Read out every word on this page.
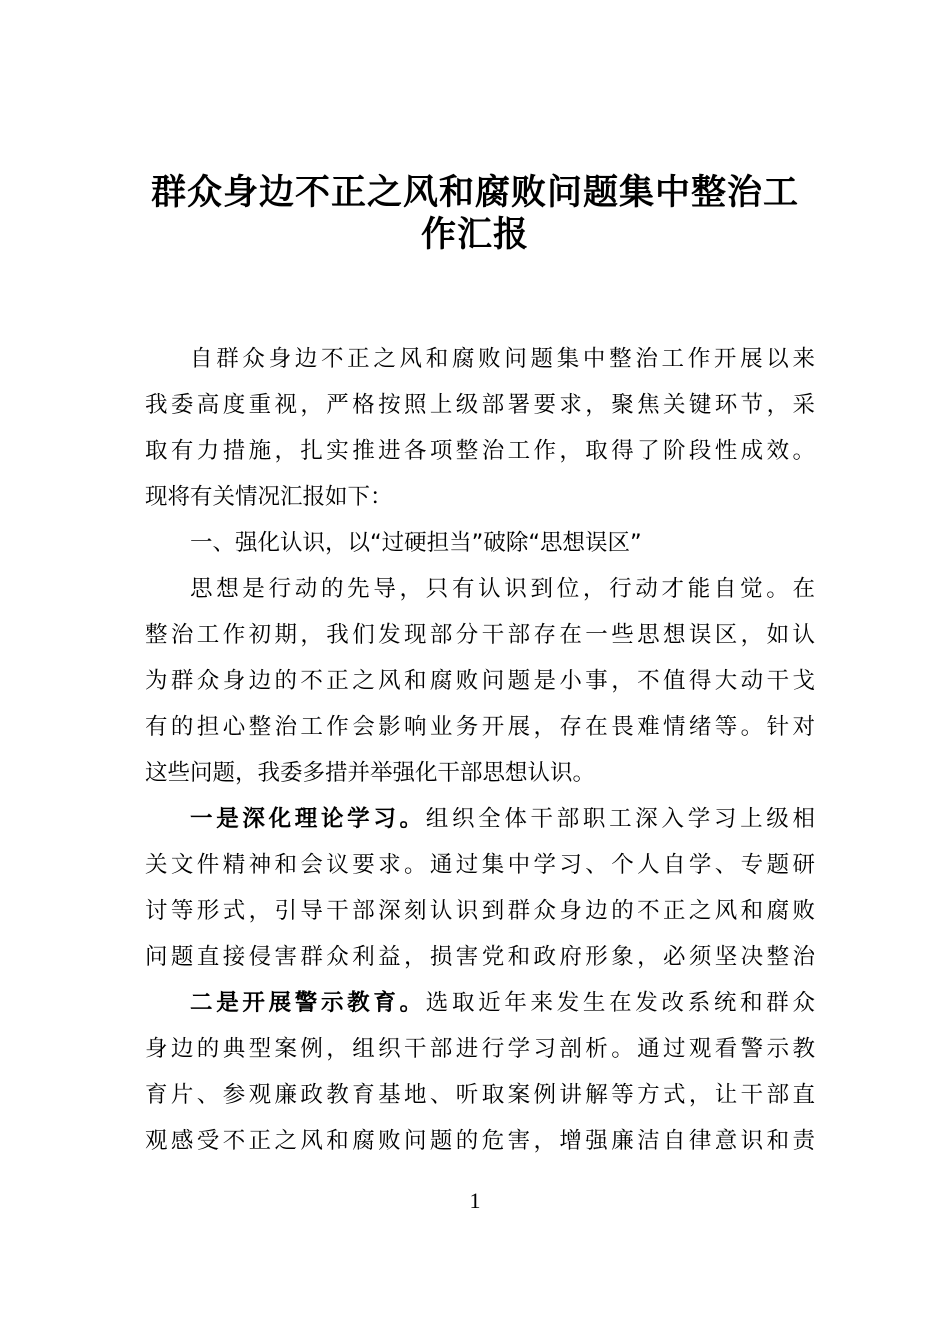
群众身边不正之风和腐败问题集中整治工
作汇报
自群众身边不正之风和腐败问题集中整治工作开展以来
我委高度重视，严格按照上级部署要求，聚焦关键环节，采
取有力措施，扎实推进各项整治工作，取得了阶段性成效。
现将有关情况汇报如下：
一、强化认识，以“过硬担当”破除“思想误区”
思想是行动的先导，只有认识到位，行动才能自觉。在
整治工作初期，我们发现部分干部存在一些思想误区，如认
为群众身边的不正之风和腐败问题是小事，不值得大动干戈
有的担心整治工作会影响业务开展，存在畏难情绪等。针对
这些问题，我委多措并举强化干部思想认识。
一是深化理论学习。组织全体干部职工深入学习上级相
关文件精神和会议要求。通过集中学习、个人自学、专题研
讨等形式，引导干部深刻认识到群众身边的不正之风和腐败
问题直接侵害群众利益，损害党和政府形象，必须坚决整治
二是开展警示教育。选取近年来发生在发改系统和群众
身边的典型案例，组织干部进行学习剖析。通过观看警示教
育片、参观廉政教育基地、听取案例讲解等方式，让干部直
观感受不正之风和腐败问题的危害，增强廉洁自律意识和责
1
